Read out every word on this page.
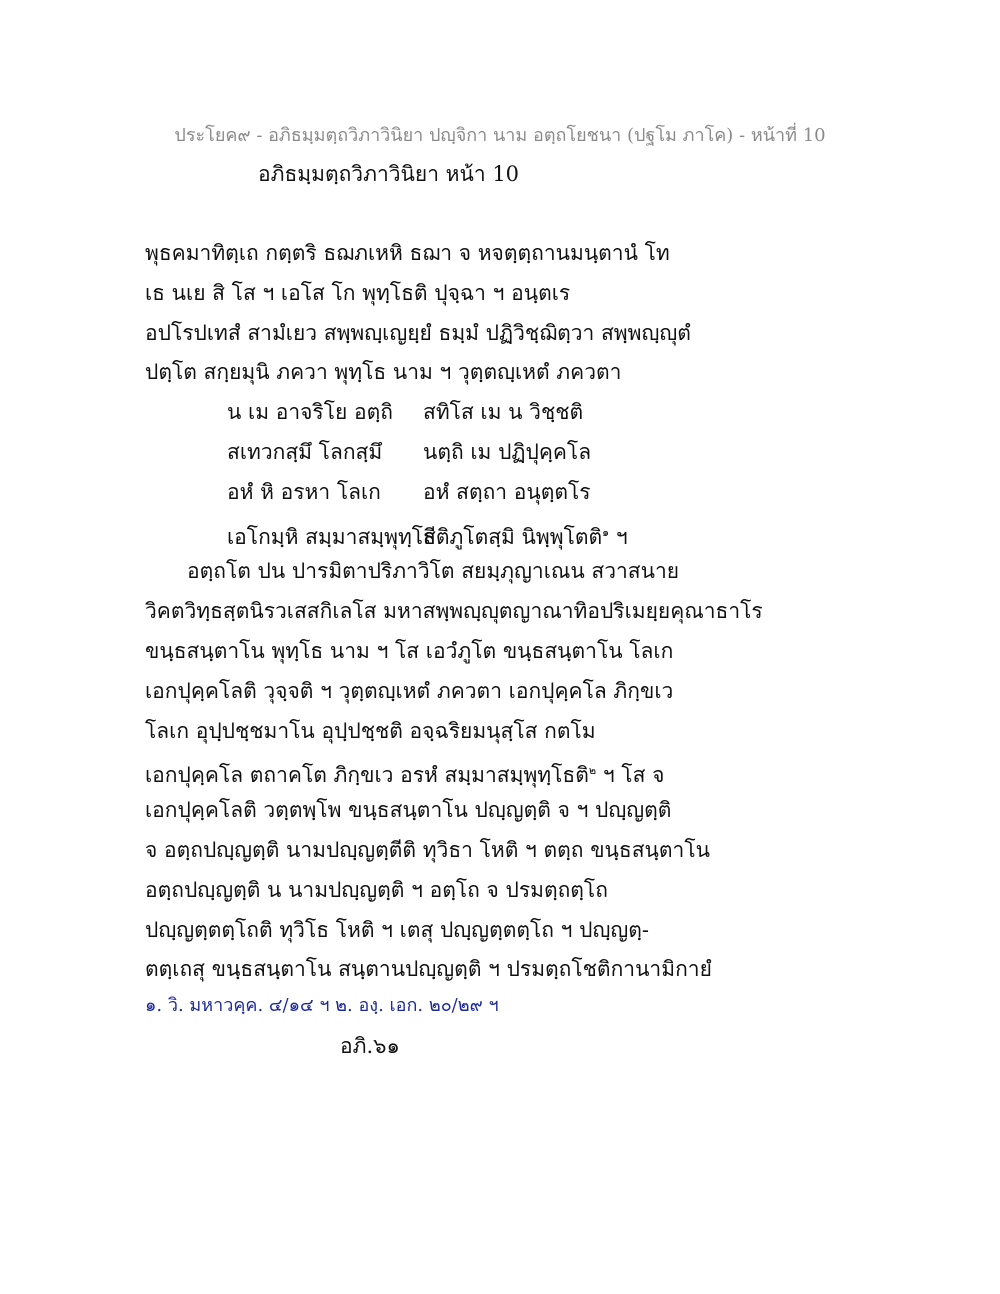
ประโยค๙ - อภิธมฺมตฺถวิภาวินิยา ปญฺจิกา นาม อตฺถโยชนา (ปฐโม ภาโค) - หน้าที่ 10
อภิธมฺมตฺถวิภาวินิยา หน้า 10
พุธคมาทิตฺเถ กตฺตริ ธฌภเหหิ ธฌา จ หจตฺตฺถานมนฺตานํ โท
เธ นเย สิ โส ฯ เอโส โก พุทฺโธติ ปุจฺฉา ฯ อนฺตเร
อปโรปเทสํ สามํเยว สพฺพญฺเญยฺยํ ธมฺมํ ปฏิวิชฺฌิตฺวา สพฺพญฺญุตํ
ปตฺโต สกฺยมุนิ ภควา พุทฺโธ นาม ฯ วุตฺตญฺเหตํ ภควตา
น เม อาจริโย อตฺถิ สทิโส เม น วิชฺชติ
สเทวกสฺมึ โลกสฺมึ นตฺถิ เม ปฏิปุคฺคโล
อหํ หิ อรหา โลเก อหํ สตฺถา อนุตฺตโร
เอโกมฺหิ สมฺมาสมฺพุทฺโธสีติภูโตสฺมิ นิพฺพุโตติ$^๑$ ฯ
อตฺถโต ปน ปารมิตาปริภาวิโต สยมฺภุญาเณน สวาสนาย
วิคตวิทฺธสฺตนิรวเสสกิเลโส มหาสพฺพญฺญุตญาณาทิอปริเมยฺยคุณาธาโร
ขนฺธสนฺตาโน พุทฺโธ นาม ฯ โส เอวํภูโต ขนฺธสนฺตาโน โลเก
เอกปุคฺคโลติ วุจฺจติ ฯ วุตฺตญฺเหตํ ภควตา เอกปุคฺคโล ภิกฺขเว
โลเก อุปฺปชฺชมาโน อุปฺปชฺชติ อจฺฉริยมนุสฺโส กตโม
เอกปุคฺคโล ตถาคโต ภิกฺขเว อรหํ สมฺมาสมฺพุทฺโธติ$^๒$ ฯ โส จ
เอกปุคฺคโลติ วตฺตพฺโพ ขนฺธสนฺตาโน ปญฺญตฺติ จ ฯ ปญฺญตฺติ
จ อตฺถปญฺญตฺติ นามปญฺญตฺตีติ ทุวิธา โหติ ฯ ตตฺถ ขนฺธสนฺตาโน
อตฺถปญฺญตฺติ น นามปญฺญตฺติ ฯ อตฺโถ จ ปรมตฺถตฺโถ
ปญฺญตฺตตฺโถติ ทุวิโธ โหติ ฯ เตสุ ปญฺญตฺตตฺโถ ฯ ปญฺญตฺ-
ตตฺเถสุ ขนฺธสนฺตาโน สนฺตานปญฺญตฺติ ฯ ปรมตฺถโชติกานามิกายํ
๑. วิ. มหาวคฺค. ๔/๑๔ ฯ ๒. องฺ. เอก. ๒๐/๒๙ ฯ
อภิ.๖๑
